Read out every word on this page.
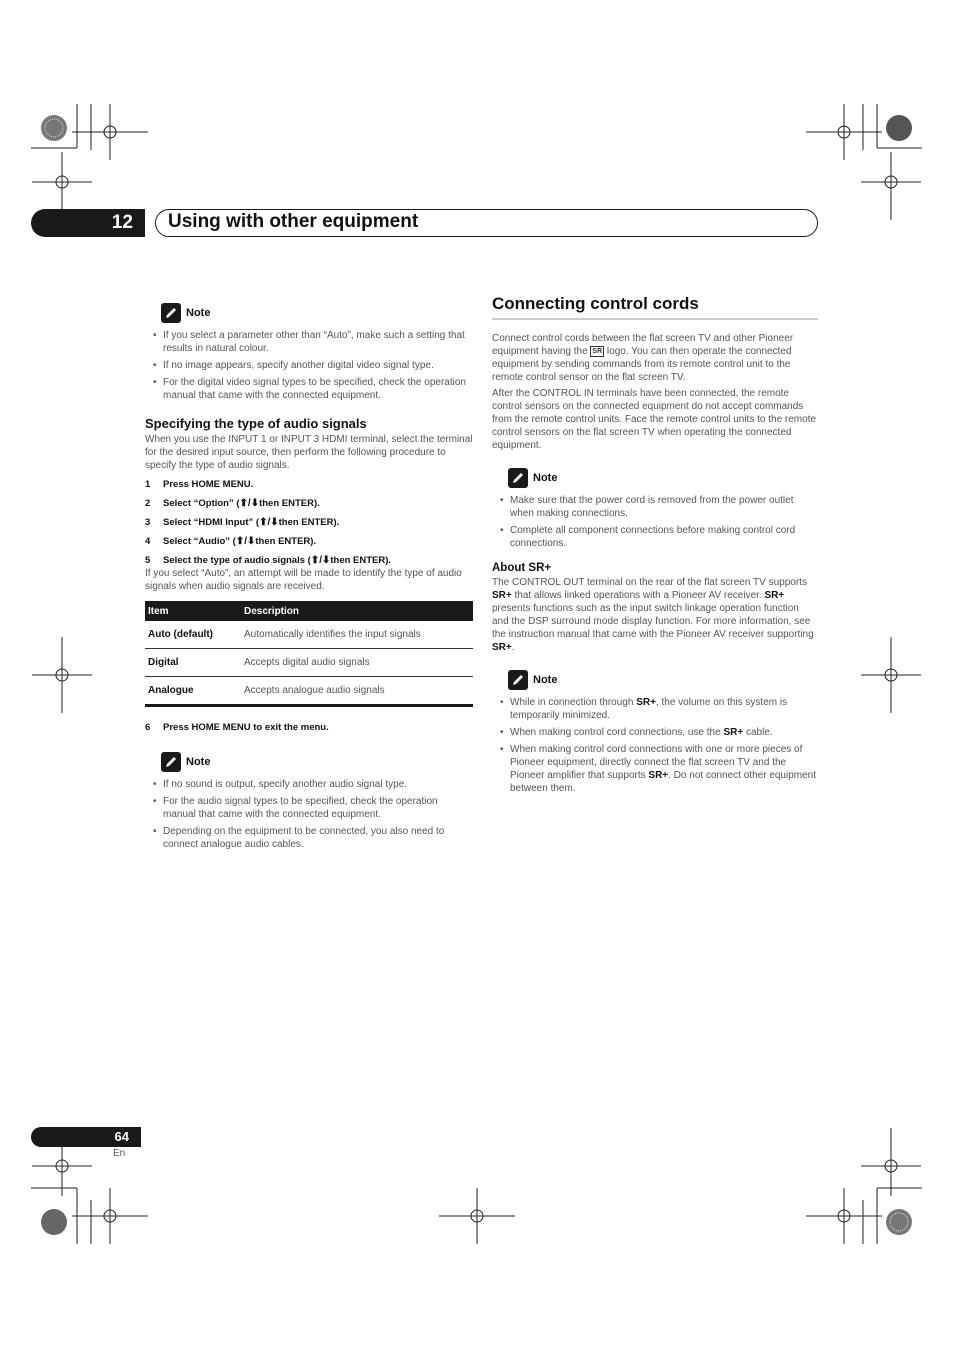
12	Using with other equipment
Note
• If you select a parameter other than “Auto”, make such a setting that results in natural colour.
• If no image appears, specify another digital video signal type.
• For the digital video signal types to be specified, check the operation manual that came with the connected equipment.
Specifying the type of audio signals

When you use the INPUT 1 or INPUT 3 HDMI terminal, select the terminal for the desired input source, then perform the following procedure to specify the type of audio signals.

1	Press HOME MENU.
2	Select “Option” ( ⬆/⬇ then ENTER).
3	Select “HDMI Input” ( ⬆/⬇ then ENTER).
4	Select “Audio” ( ⬆/⬇ then ENTER).
5	Select the type of audio signals ( ⬆/⬇ then ENTER).

If you select “Auto”, an attempt will be made to identify the type of audio signals when audio signals are received.

Item	Description
Auto (default)	Automatically identifies the input signals
Digital	Accepts digital audio signals
Analogue	Accepts analogue audio signals
6	Press HOME MENU to exit the menu.
Note
• If no sound is output, specify another audio signal type.
• For the audio signal types to be specified, check the operation manual that came with the connected equipment.
• Depending on the equipment to be connected, you also need to connect analogue audio cables.
Connecting control cords

Connect control cords between the flat screen TV and other Pioneer equipment having the SR logo. You can then operate the connected equipment by sending commands from its remote control unit to the remote control sensor on the flat screen TV.

After the CONTROL IN terminals have been connected, the remote control sensors on the connected equipment do not accept commands from the remote control units. Face the remote control units to the remote control sensors on the flat screen TV when operating the connected equipment.

Note
• Make sure that the power cord is removed from the power outlet when making connections.
• Complete all component connections before making control cord connections.
About SR+

The CONTROL OUT terminal on the rear of the flat screen TV supports SR+ that allows linked operations with a Pioneer AV receiver. SR+ presents functions such as the input switch linkage operation function and the DSP surround mode display function. For more information, see the instruction manual that came with the Pioneer AV receiver supporting SR+.

Note
• While in connection through SR+, the volume on this system is temporarily minimized.
• When making control cord connections, use the SR+ cable.
• When making control cord connections with one or more pieces of Pioneer equipment, directly connect the flat screen TV and the Pioneer amplifier that supports SR+. Do not connect other equipment between them.
64
En
